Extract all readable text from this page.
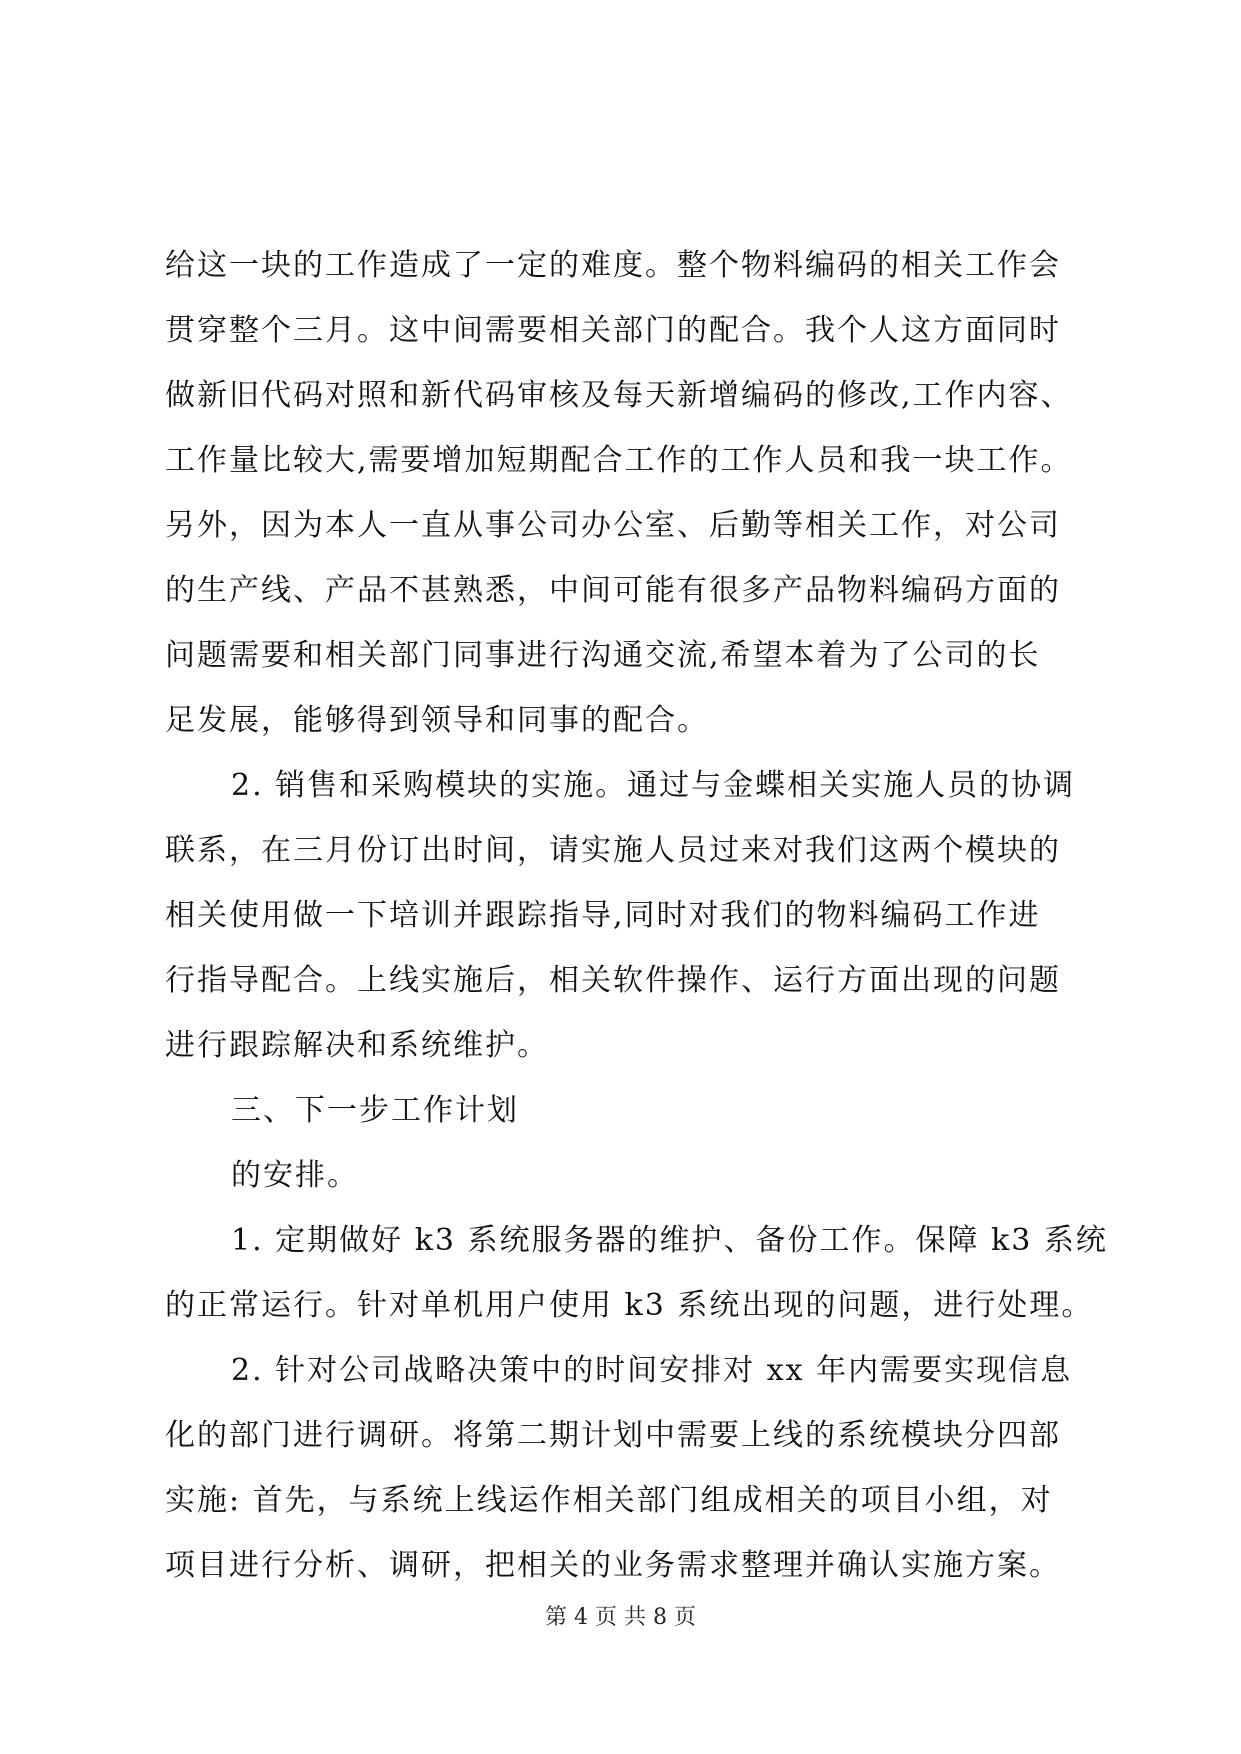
给这一块的工作造成了一定的难度。整个物料编码的相关工作会
贯穿整个三月。这中间需要相关部门的配合。我个人这方面同时
做新旧代码对照和新代码审核及每天新增编码的修改,工作内容、
工作量比较大,需要增加短期配合工作的工作人员和我一块工作。
另外，因为本人一直从事公司办公室、后勤等相关工作，对公司
的生产线、产品不甚熟悉，中间可能有很多产品物料编码方面的
问题需要和相关部门同事进行沟通交流,希望本着为了公司的长
足发展，能够得到领导和同事的配合。
2. 销售和采购模块的实施。通过与金蝶相关实施人员的协调
联系，在三月份订出时间，请实施人员过来对我们这两个模块的
相关使用做一下培训并跟踪指导,同时对我们的物料编码工作进
行指导配合。上线实施后，相关软件操作、运行方面出现的问题
进行跟踪解决和系统维护。
三、下一步工作计划
的安排。
1. 定期做好 k3 系统服务器的维护、备份工作。保障 k3 系统
的正常运行。针对单机用户使用 k3 系统出现的问题，进行处理。
2. 针对公司战略决策中的时间安排对 xx 年内需要实现信息
化的部门进行调研。将第二期计划中需要上线的系统模块分四部
实施: 首先，与系统上线运作相关部门组成相关的项目小组，对
项目进行分析、调研，把相关的业务需求整理并确认实施方案。
第 4 页 共 8 页
